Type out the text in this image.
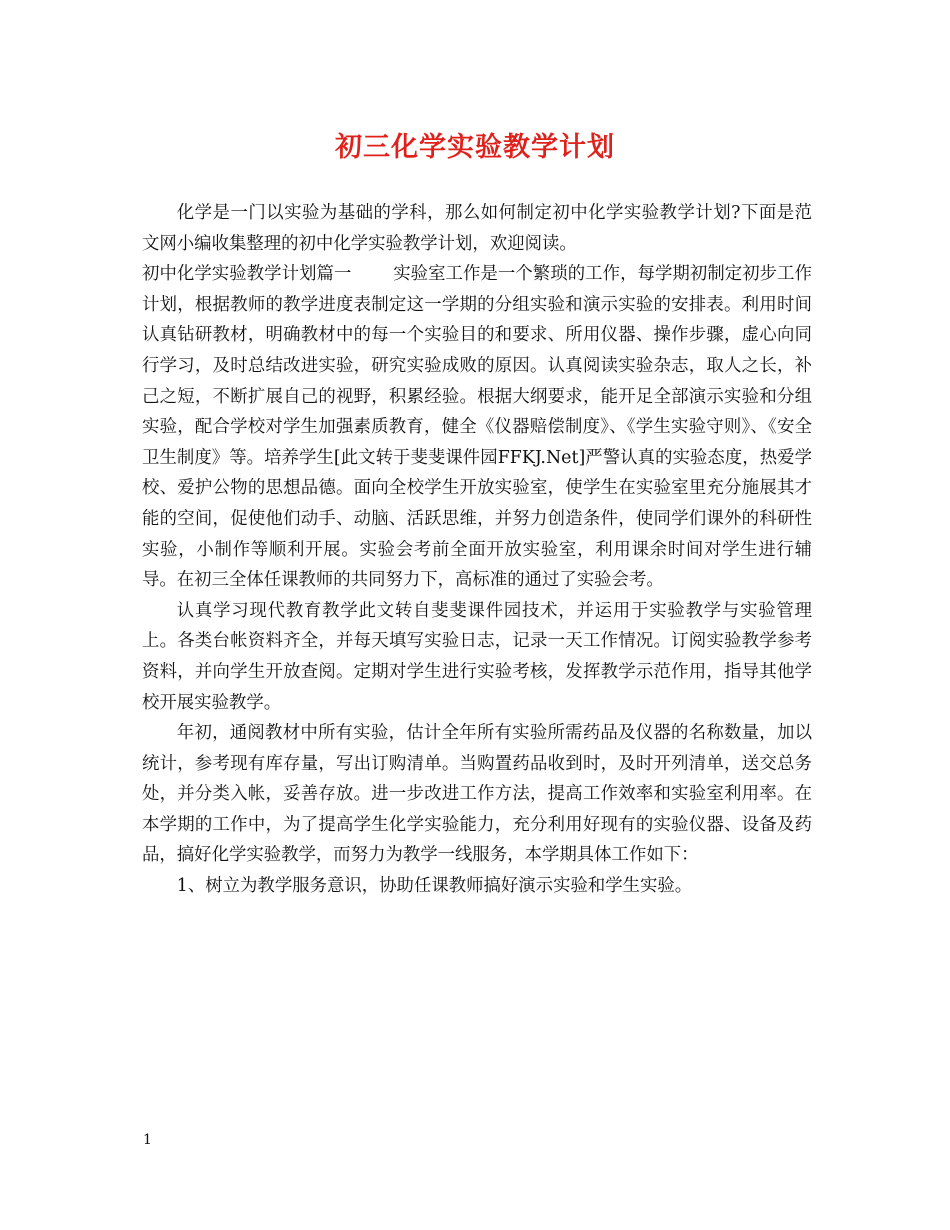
初三化学实验教学计划

化学是一门以实验为基础的学科，那么如何制定初中化学实验教学计划?下面是范文网小编收集整理的初中化学实验教学计划，欢迎阅读。

初中化学实验教学计划篇一 实验室工作是一个繁琐的工作，每学期初制定初步工作计划，根据教师的教学进度表制定这一学期的分组实验和演示实验的安排表。利用时间认真钻研教材，明确教材中的每一个实验目的和要求、所用仪器、操作步骤，虚心向同行学习，及时总结改进实验，研究实验成败的原因。认真阅读实验杂志，取人之长，补己之短，不断扩展自己的视野，积累经验。根据大纲要求，能开足全部演示实验和分组实验，配合学校对学生加强素质教育，健全《仪器赔偿制度》、《学生实验守则》、《安全卫生制度》等。培养学生[此文转于斐斐课件园FFKJ.Net]严警认真的实验态度，热爱学校、爱护公物的思想品德。面向全校学生开放实验室，使学生在实验室里充分施展其才能的空间，促使他们动手、动脑、活跃思维，并努力创造条件，使同学们课外的科研性实验，小制作等顺利开展。实验会考前全面开放实验室，利用课余时间对学生进行辅导。在初三全体任课教师的共同努力下，高标准的通过了实验会考。

认真学习现代教育教学此文转自斐斐课件园技术，并运用于实验教学与实验管理上。各类台帐资料齐全，并每天填写实验日志，记录一天工作情况。订阅实验教学参考资料，并向学生开放查阅。定期对学生进行实验考核，发挥教学示范作用，指导其他学校开展实验教学。

年初，通阅教材中所有实验，估计全年所有实验所需药品及仪器的名称数量，加以统计，参考现有库存量，写出订购清单。当购置药品收到时，及时开列清单，送交总务处，并分类入帐，妥善存放。进一步改进工作方法，提高工作效率和实验室利用率。在本学期的工作中，为了提高学生化学实验能力，充分利用好现有的实验仪器、设备及药品，搞好化学实验教学，而努力为教学一线服务，本学期具体工作如下：

1、树立为教学服务意识，协助任课教师搞好演示实验和学生实验。

1
